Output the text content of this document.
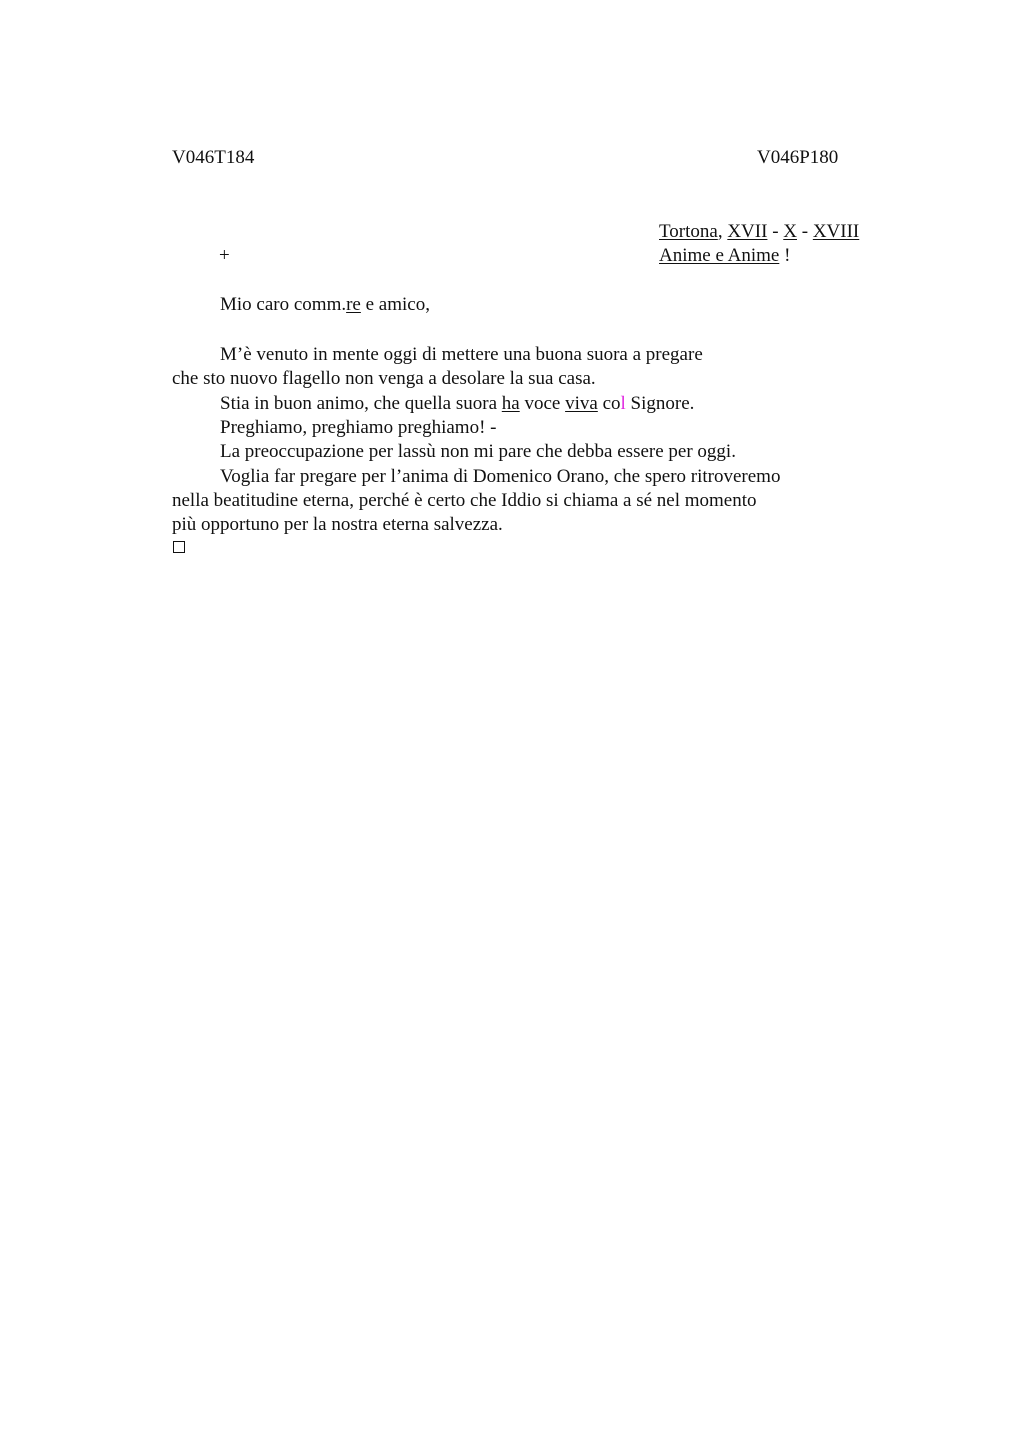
V046T184	V046P180
Tortona, XVII - X - XVIII
+	Anime e Anime !
Mio caro comm.re e amico,
M’è venuto in mente oggi di mettere una buona suora a pregare
che sto nuovo flagello non venga a desolare la sua casa.
Stia in buon animo, che quella suora ha voce viva col Signore.
Preghiamo, preghiamo preghiamo! -
La preoccupazione per lassù non mi pare che debba essere per oggi.
Voglia far pregare per l’anima di Domenico Orano, che spero ritroveremo
nella beatitudine eterna, perché è certo che Iddio si chiama a sé nel momento
più opportuno per la nostra eterna salvezza.
